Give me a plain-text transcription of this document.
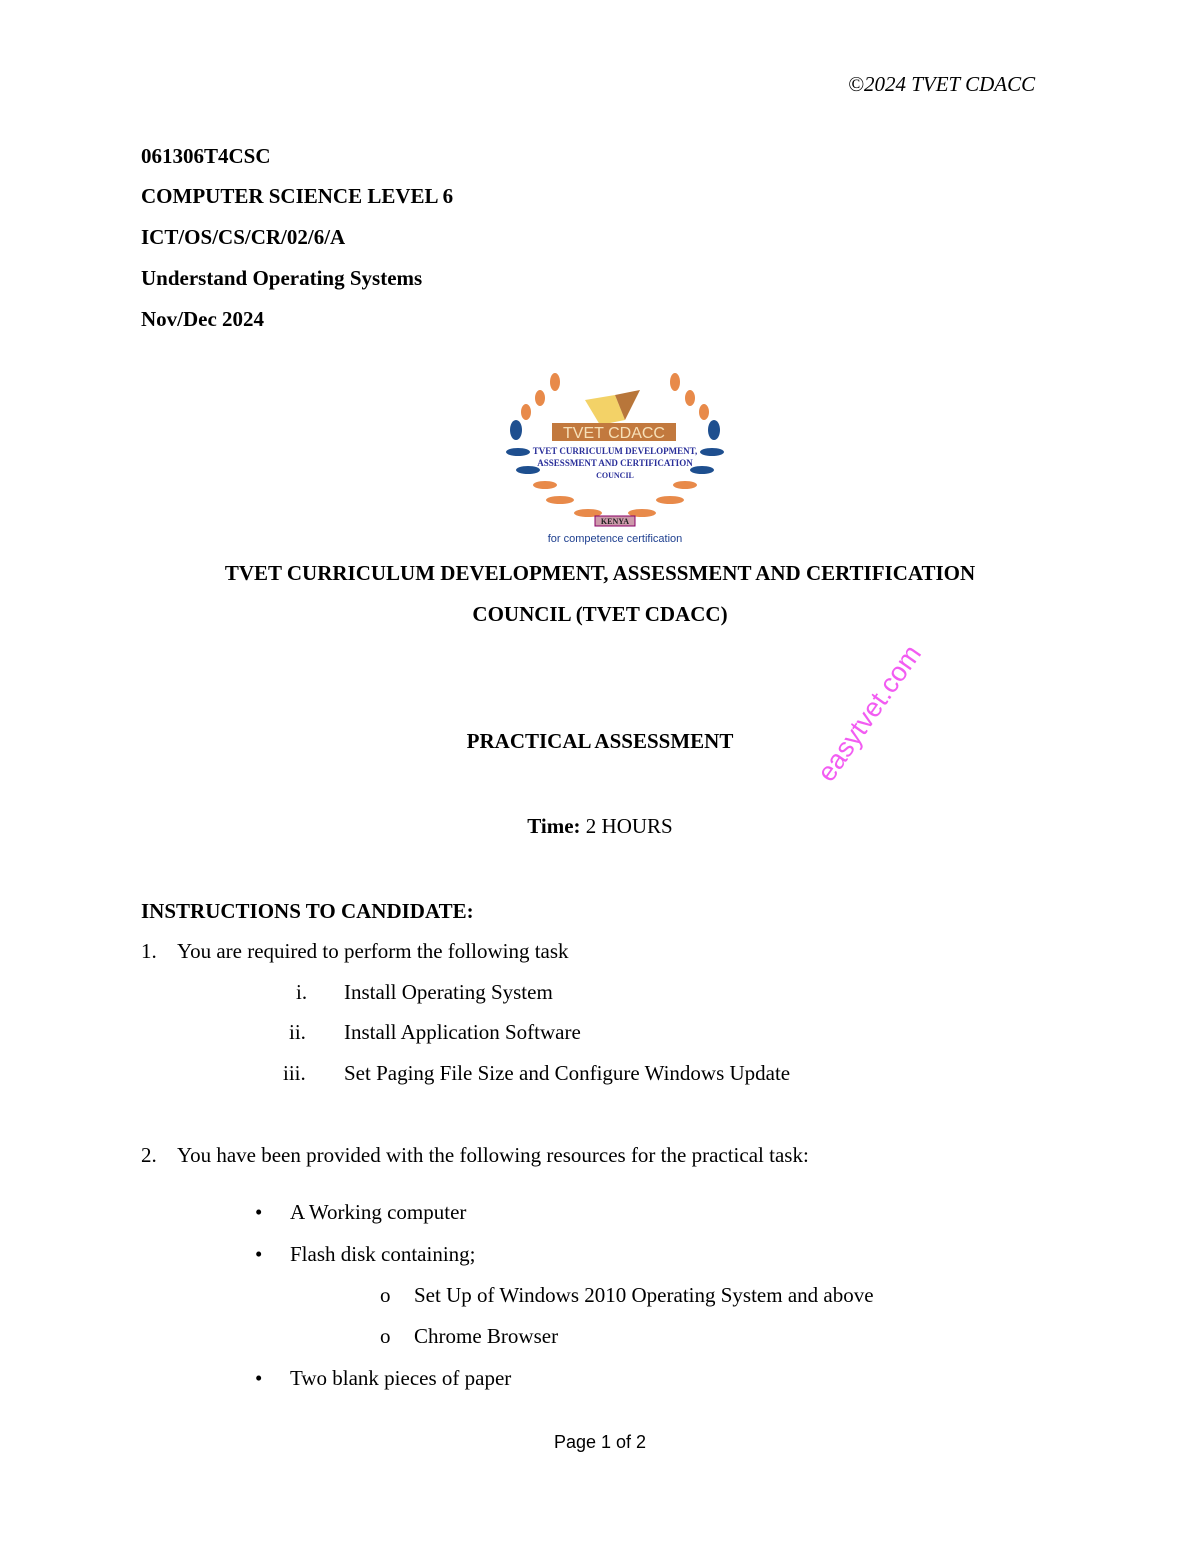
©2024 TVET CDACC
061306T4CSC
COMPUTER SCIENCE LEVEL 6
ICT/OS/CS/CR/02/6/A
Understand Operating Systems
Nov/Dec 2024
TVET CDACC
TVET CURRICULUM DEVELOPMENT,
ASSESSMENT AND CERTIFICATION
COUNCIL
KENYA
for competence certification
TVET CURRICULUM DEVELOPMENT, ASSESSMENT AND CERTIFICATION
COUNCIL (TVET CDACC)
PRACTICAL ASSESSMENT	easytvet.com
Time: 2 HOURS
INSTRUCTIONS TO CANDIDATE:
1. You are required to perform the following task
i. Install Operating System
ii. Install Application Software
iii. Set Paging File Size and Configure Windows Update
2. You have been provided with the following resources for the practical task:
• A Working computer
• Flash disk containing;
o Set Up of Windows 2010 Operating System and above
o Chrome Browser
• Two blank pieces of paper
Page 1 of 2
